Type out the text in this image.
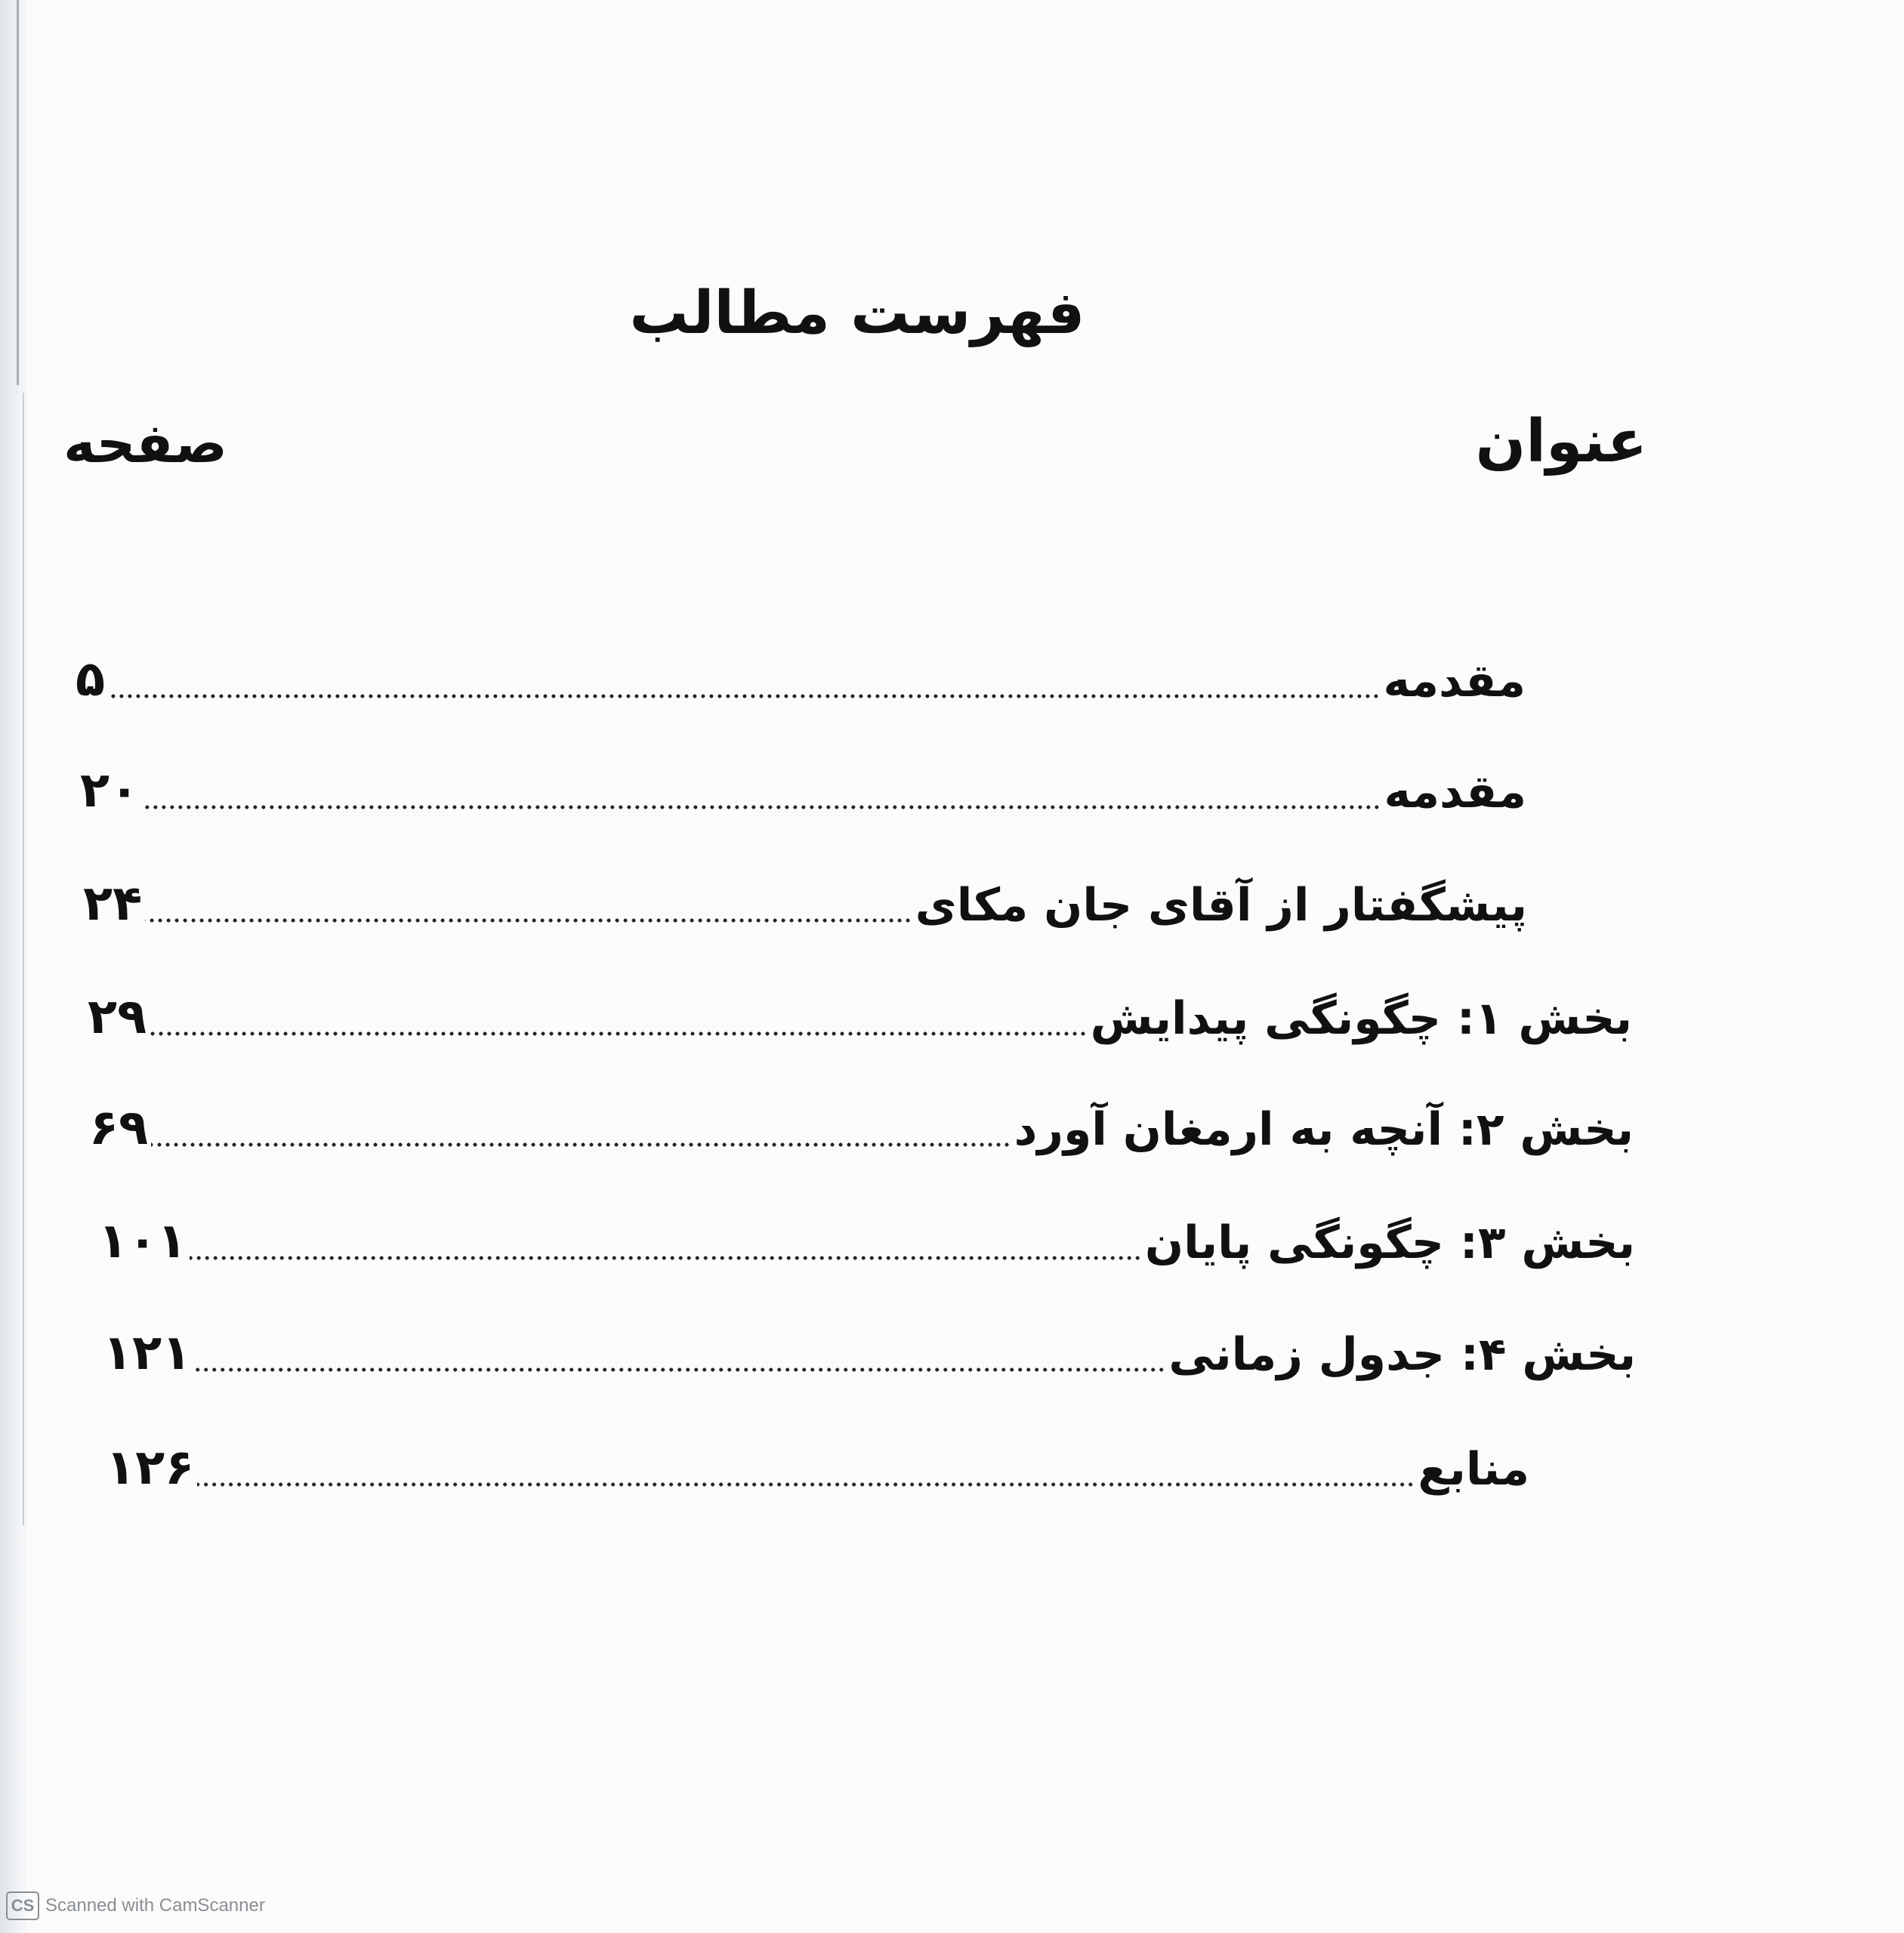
فهرست مطالب
عنوان
صفحه
مقدمه
۵
مقدمه
۲۰
پیشگفتار از آقای جان مکای
۲۴
بخش ۱: چگونگی پیدایش
۲۹
بخش ۲: آنچه به ارمغان آورد
۶۹
بخش ۳: چگونگی پایان
۱۰۱
بخش ۴: جدول زمانی
۱۲۱
منابع
۱۲۶
CS Scanned with CamScanner
